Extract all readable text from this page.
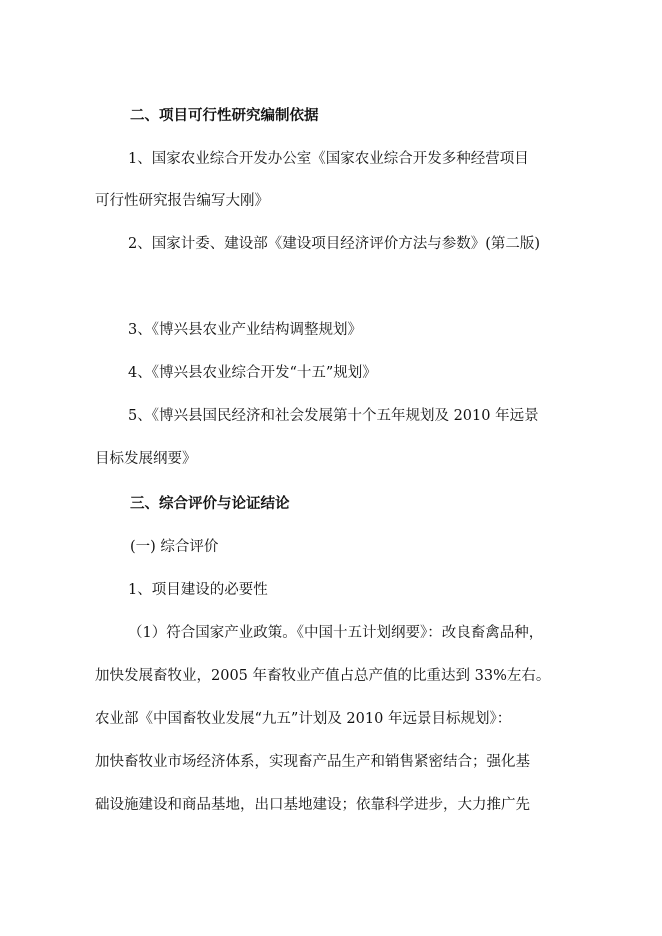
二、项目可行性研究编制依据
1、国家农业综合开发办公室《国家农业综合开发多种经营项目
可行性研究报告编写大刚》
2、国家计委、建设部《建设项目经济评价方法与参数》(第二版)
3、《博兴县农业产业结构调整规划》
4、《博兴县农业综合开发“十五”规划》
5、《博兴县国民经济和社会发展第十个五年规划及 2010 年远景
目标发展纲要》
三、综合评价与论证结论
(一) 综合评价
1、项目建设的必要性
（1）符合国家产业政策。《中国十五计划纲要》：改良畜禽品种，
加快发展畜牧业，2005 年畜牧业产值占总产值的比重达到 33%左右。
农业部《中国畜牧业发展“九五”计划及 2010 年远景目标规划》：
加快畜牧业市场经济体系，实现畜产品生产和销售紧密结合；强化基
础设施建设和商品基地，出口基地建设；依靠科学进步，大力推广先
